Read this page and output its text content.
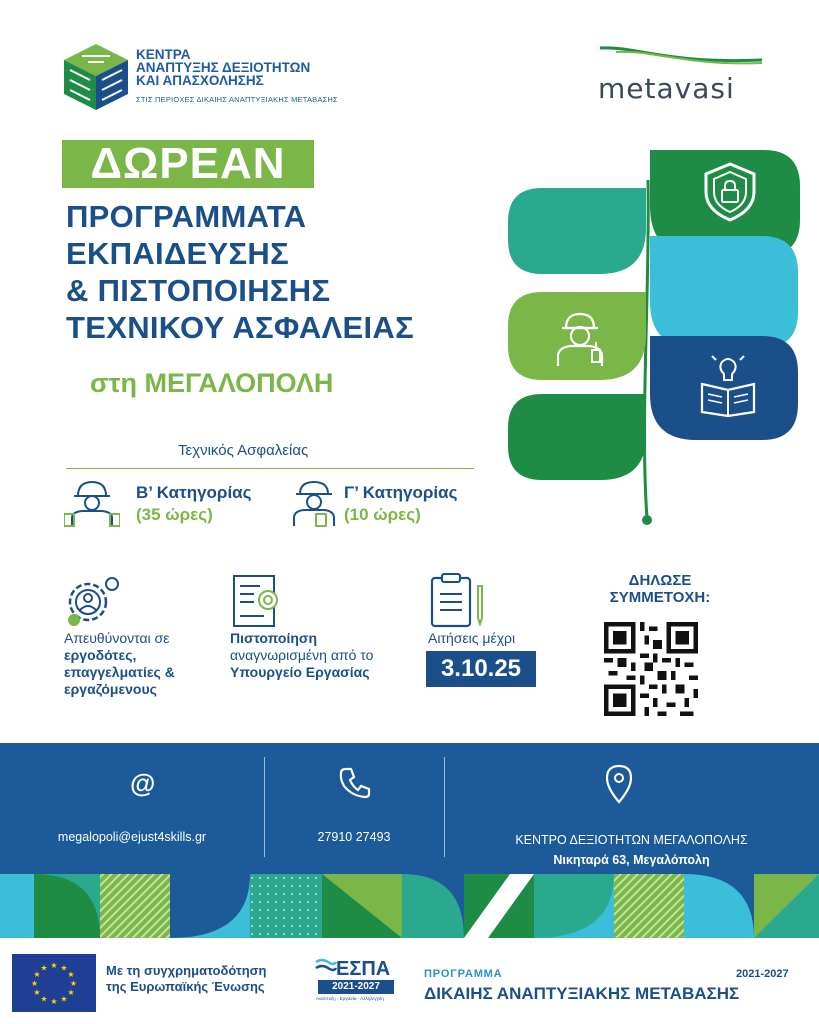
ΚΕΝΤΡΑ
ΑΝΑΠΤΥΞΗΣ ΔΕΞΙΟΤΗΤΩΝ
ΚΑΙ ΑΠΑΣΧΟΛΗΣΗΣ
ΣΤΙΣ ΠΕΡΙΟΧΕΣ ΔΙΚΑΙΗΣ ΑΝΑΠΤΥΞΙΑΚΗΣ ΜΕΤΑΒΑΣΗΣ	metavasi
ΔΩΡΕΑΝ
ΠΡΟΓΡΑΜΜΑΤΑ
ΕΚΠΑΙΔΕΥΣΗΣ
& ΠΙΣΤΟΠΟΙΗΣΗΣ
ΤΕΧΝΙΚΟΥ ΑΣΦΑΛΕΙΑΣ
στη ΜΕΓΑΛΟΠΟΛΗ
Τεχνικός Ασφαλείας
Β’ Κατηγορίας
(35 ώρες)
Γ’ Κατηγορίας
(10 ώρες)
Απευθύνονται σε
εργοδότες,
επαγγελματίες &
εργαζόμενους
Πιστοποίηση
αναγνωρισμένη από το
Υπουργείο Εργασίας
Αιτήσεις μέχρι
3.10.25
ΔΗΛΩΣΕ
ΣΥΜΜΕΤΟΧΗ:
@
megalopoli@ejust4skills.gr	27910 27493	ΚΕΝΤΡΟ ΔΕΞΙΟΤΗΤΩΝ ΜΕΓΑΛΟΠΟΛΗΣ
Νικηταρά 63, Μεγαλόπολη
★ ★
★
★
★
★
★
★
★
★
★
★	Με τη συγχρηματοδότηση
της Ευρωπαϊκής Ένωσης
ΕΣΠΑ
2021-2027
Ανάπτυξη - Εργασία - Αλληλεγγύη
ΠΡΟΓΡΑΜΜΑ	2021-2027
ΔΙΚΑΙΗΣ ΑΝΑΠΤΥΞΙΑΚΗΣ ΜΕΤΑΒΑΣΗΣ
